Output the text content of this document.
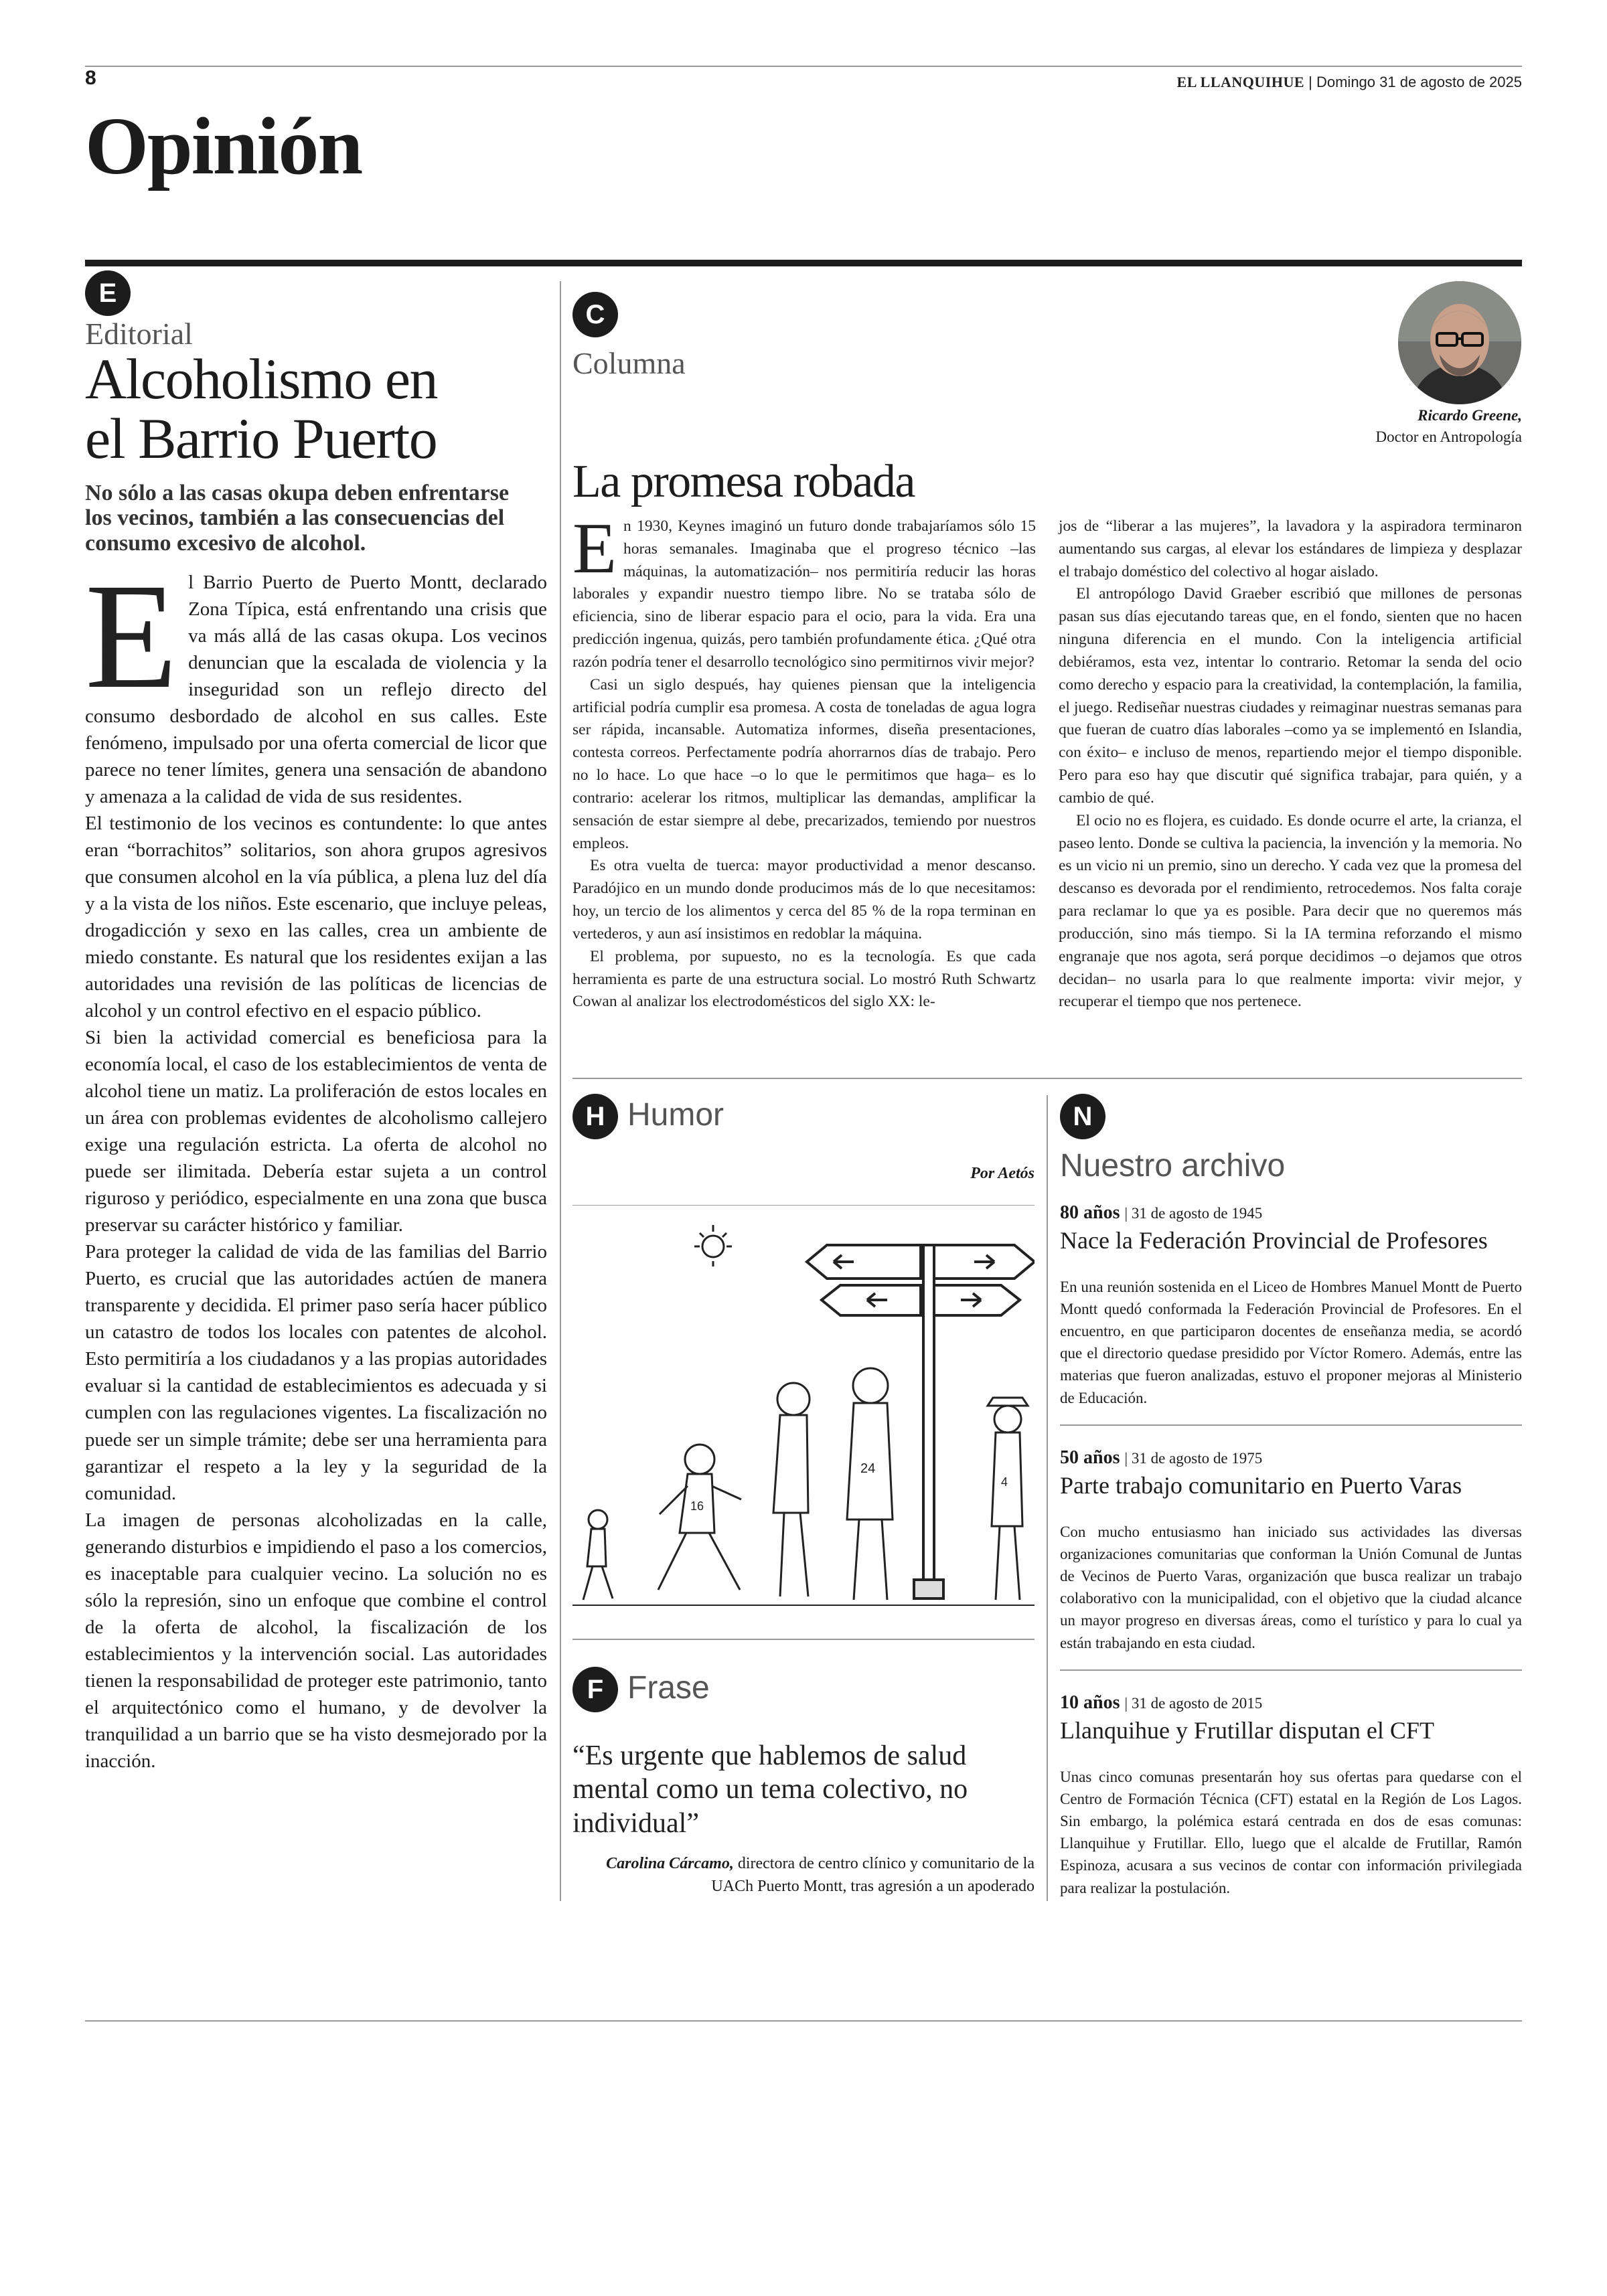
8	EL LLANQUIHUE | Domingo 31 de agosto de 2025
Opinión
E
Editorial
Alcoholismo en
el Barrio Puerto
No sólo a las casas okupa deben enfrentarse los vecinos, también a las consecuencias del consumo excesivo de alcohol.

El Barrio Puerto de Puerto Montt, declarado Zona Típica, está enfrentando una crisis que va más allá de las casas okupa. Los vecinos denuncian que la escalada de violencia y la inseguridad son un reflejo directo del consumo desbordado de alcohol en sus calles. Este fenómeno, impulsado por una oferta comercial de licor que parece no tener límites, genera una sensación de abandono y amenaza a la calidad de vida de sus residentes.

El testimonio de los vecinos es contundente: lo que antes eran “borrachitos” solitarios, son ahora grupos agresivos que consumen alcohol en la vía pública, a plena luz del día y a la vista de los niños. Este escenario, que incluye peleas, drogadicción y sexo en las calles, crea un ambiente de miedo constante. Es natural que los residentes exijan a las autoridades una revisión de las políticas de licencias de alcohol y un control efectivo en el espacio público.

Si bien la actividad comercial es beneficiosa para la economía local, el caso de los establecimientos de venta de alcohol tiene un matiz. La proliferación de estos locales en un área con problemas evidentes de alcoholismo callejero exige una regulación estricta. La oferta de alcohol no puede ser ilimitada. Debería estar sujeta a un control riguroso y periódico, especialmente en una zona que busca preservar su carácter histórico y familiar.

Para proteger la calidad de vida de las familias del Barrio Puerto, es crucial que las autoridades actúen de manera transparente y decidida. El primer paso sería hacer público un catastro de todos los locales con patentes de alcohol. Esto permitiría a los ciudadanos y a las propias autoridades evaluar si la cantidad de establecimientos es adecuada y si cumplen con las regulaciones vigentes. La fiscalización no puede ser un simple trámite; debe ser una herramienta para garantizar el respeto a la ley y la seguridad de la comunidad.

La imagen de personas alcoholizadas en la calle, generando disturbios e impidiendo el paso a los comercios, es inaceptable para cualquier vecino. La solución no es sólo la represión, sino un enfoque que combine el control de la oferta de alcohol, la fiscalización de los establecimientos y la intervención social. Las autoridades tienen la responsabilidad de proteger este patrimonio, tanto el arquitectónico como el humano, y de devolver la tranquilidad a un barrio que se ha visto desmejorado por la inacción.

C
Columna
Ricardo Greene,
Doctor en Antropología
La promesa robada

En 1930, Keynes imaginó un futuro donde trabajaríamos sólo 15 horas semanales. Imaginaba que el progreso técnico –las máquinas, la automatización– nos permitiría reducir las horas laborales y expandir nuestro tiempo libre. No se trataba sólo de eficiencia, sino de liberar espacio para el ocio, para la vida. Era una predicción ingenua, quizás, pero también profundamente ética. ¿Qué otra razón podría tener el desarrollo tecnológico sino permitirnos vivir mejor?

Casi un siglo después, hay quienes piensan que la inteligencia artificial podría cumplir esa promesa. A costa de toneladas de agua logra ser rápida, incansable. Automatiza informes, diseña presentaciones, contesta correos. Perfectamente podría ahorrarnos días de trabajo. Pero no lo hace. Lo que hace –o lo que le permitimos que haga– es lo contrario: acelerar los ritmos, multiplicar las demandas, amplificar la sensación de estar siempre al debe, precarizados, temiendo por nuestros empleos.

Es otra vuelta de tuerca: mayor productividad a menor descanso. Paradójico en un mundo donde producimos más de lo que necesitamos: hoy, un tercio de los alimentos y cerca del 85 % de la ropa terminan en vertederos, y aun así insistimos en redoblar la máquina.

El problema, por supuesto, no es la tecnología. Es que cada herramienta es parte de una estructura social. Lo mostró Ruth Schwartz Cowan al analizar los electrodomésticos del siglo XX: le-

jos de “liberar a las mujeres”, la lavadora y la aspiradora terminaron aumentando sus cargas, al elevar los estándares de limpieza y desplazar el trabajo doméstico del colectivo al hogar aislado.

El antropólogo David Graeber escribió que millones de personas pasan sus días ejecutando tareas que, en el fondo, sienten que no hacen ninguna diferencia en el mundo. Con la inteligencia artificial debiéramos, esta vez, intentar lo contrario. Retomar la senda del ocio como derecho y espacio para la creatividad, la contemplación, la familia, el juego. Rediseñar nuestras ciudades y reimaginar nuestras semanas para que fueran de cuatro días laborales –como ya se implementó en Islandia, con éxito– e incluso de menos, repartiendo mejor el tiempo disponible. Pero para eso hay que discutir qué significa trabajar, para quién, y a cambio de qué.

El ocio no es flojera, es cuidado. Es donde ocurre el arte, la crianza, el paseo lento. Donde se cultiva la paciencia, la invención y la memoria. No es un vicio ni un premio, sino un derecho. Y cada vez que la promesa del descanso es devorada por el rendimiento, retrocedemos. Nos falta coraje para reclamar lo que ya es posible. Para decir que no queremos más producción, sino más tiempo. Si la IA termina reforzando el mismo engranaje que nos agota, será porque decidimos –o dejamos que otros decidan– no usarla para lo que realmente importa: vivir mejor, y recuperar el tiempo que nos pertenece.

H Humor
Por Aetós
16
24
4
F Frase
“Es urgente que hablemos de salud mental como un tema colectivo, no individual”
Carolina Cárcamo, directora de centro clínico y comunitario de la UACh Puerto Montt, tras agresión a un apoderado
N
Nuestro archivo
80 años | 31 de agosto de 1945
Nace la Federación Provincial de Profesores
En una reunión sostenida en el Liceo de Hombres Manuel Montt de Puerto Montt quedó conformada la Federación Provincial de Profesores. En el encuentro, en que participaron docentes de enseñanza media, se acordó que el directorio quedase presidido por Víctor Romero. Además, entre las materias que fueron analizadas, estuvo el proponer mejoras al Ministerio de Educación.
50 años | 31 de agosto de 1975
Parte trabajo comunitario en Puerto Varas
Con mucho entusiasmo han iniciado sus actividades las diversas organizaciones comunitarias que conforman la Unión Comunal de Juntas de Vecinos de Puerto Varas, organización que busca realizar un trabajo colaborativo con la municipalidad, con el objetivo que la ciudad alcance un mayor progreso en diversas áreas, como el turístico y para lo cual ya están trabajando en esta ciudad.
10 años | 31 de agosto de 2015
Llanquihue y Frutillar disputan el CFT
Unas cinco comunas presentarán hoy sus ofertas para quedarse con el Centro de Formación Técnica (CFT) estatal en la Región de Los Lagos. Sin embargo, la polémica estará centrada en dos de esas comunas: Llanquihue y Frutillar. Ello, luego que el alcalde de Frutillar, Ramón Espinoza, acusara a sus vecinos de contar con información privilegiada para realizar la postulación.
